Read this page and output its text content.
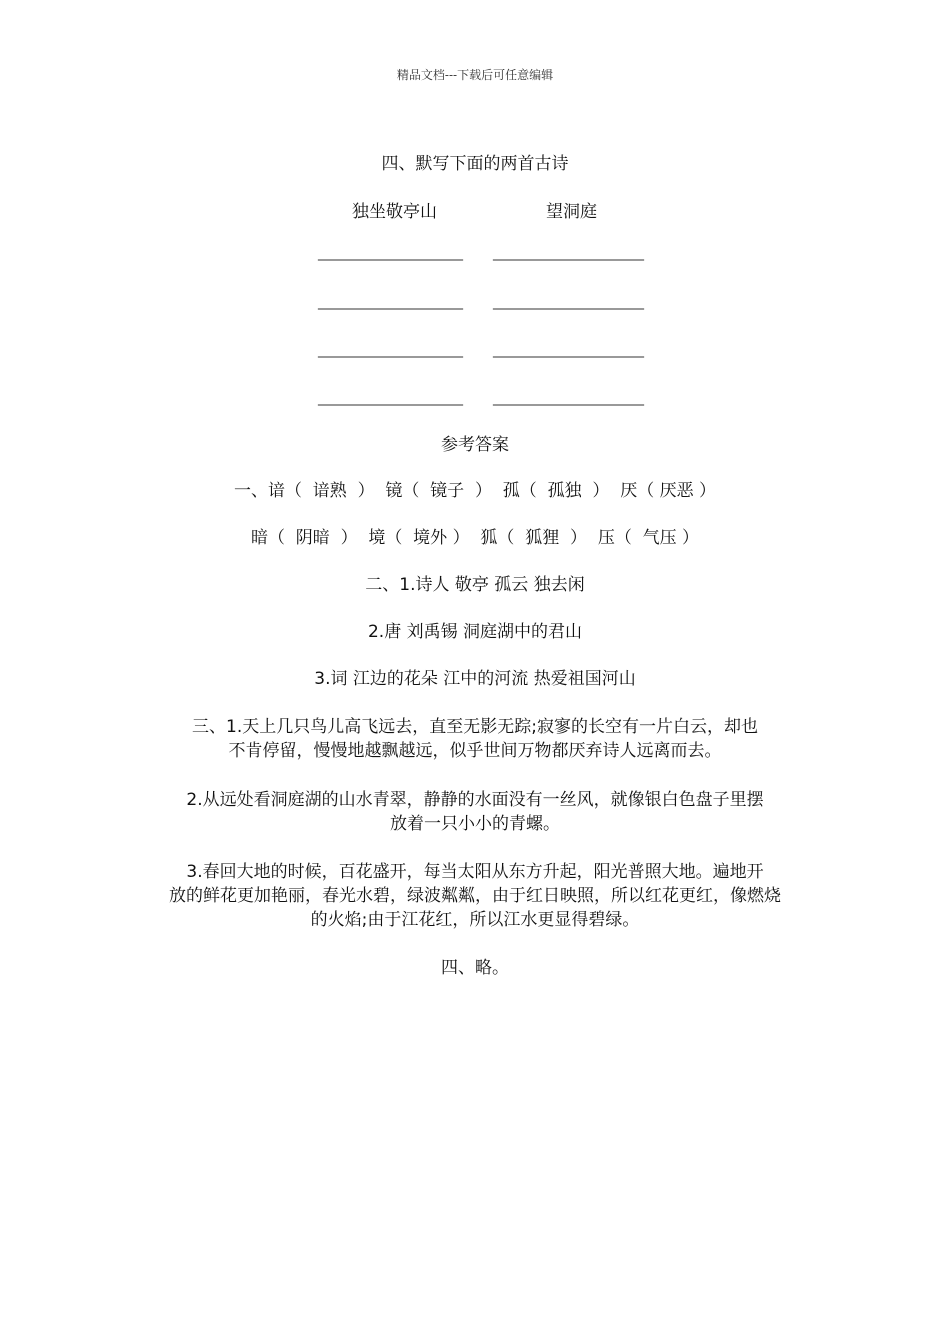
精品文档---下载后可任意编辑
四、默写下面的两首古诗
独坐敬亭山	望洞庭
________________________ _________________________
________________________ _________________________
________________________ _________________________
________________________ _________________________
参考答案
一、谙（  谙熟  ）  镜（  镜子  ）  孤（  孤独  ）  厌（ 厌恶 ）
暗（  阴暗  ）  境（  境外 ）  狐（  狐狸  ）  压（  气压 ）
二、1.诗人 敬亭 孤云 独去闲
2.唐 刘禹锡 洞庭湖中的君山
3.词 江边的花朵 江中的河流 热爱祖国河山
三、1.天上几只鸟儿高飞远去，直至无影无踪;寂寥的长空有一片白云，却也
不肯停留，慢慢地越飘越远，似乎世间万物都厌弃诗人远离而去。
2.从远处看洞庭湖的山水青翠，静静的水面没有一丝风，就像银白色盘子里摆
放着一只小小的青螺。
3.春回大地的时候，百花盛开，每当太阳从东方升起，阳光普照大地。遍地开
放的鲜花更加艳丽，春光水碧，绿波粼粼，由于红日映照，所以红花更红，像燃烧
的火焰;由于江花红，所以江水更显得碧绿。
四、略。
